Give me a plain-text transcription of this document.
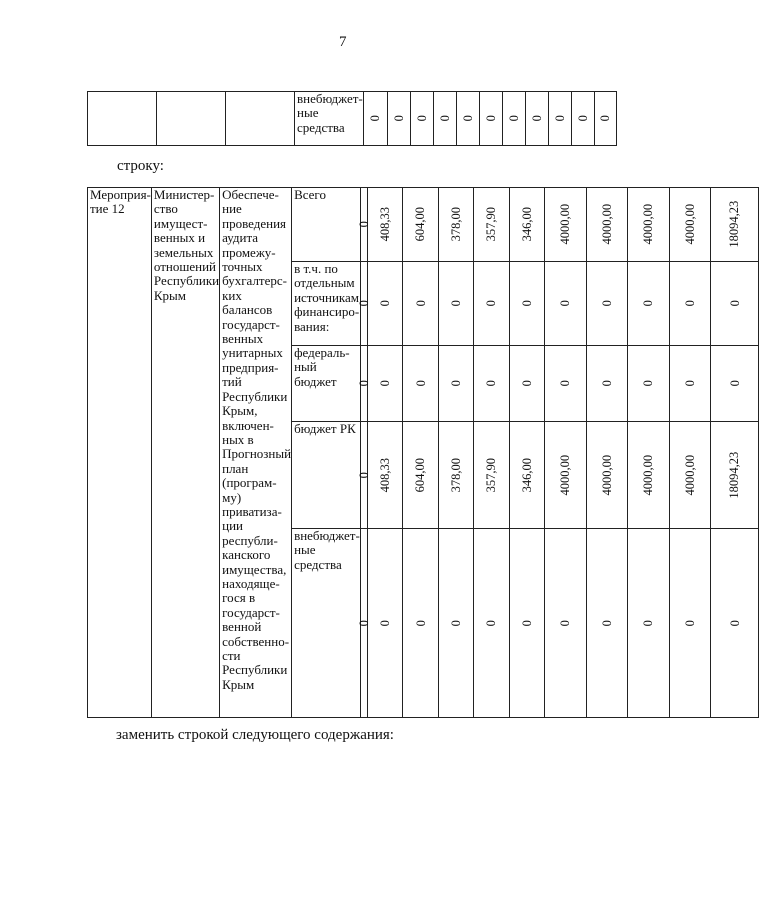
7
			внебюджет-ные средства	0	0	0	0	0	0	0	0	0	0	0
строку:
Мероприя-тие 12	Министер-ство имущест-венных и земельных отношений Республики Крым	Обеспече-ние проведения аудита промежу-точных бухгалтерс-ких балансов государст-венных унитарных предприя-тий Республики Крым, включен-ных в Прогнозный план (програм-му) приватиза-ции республи-канского имущества, находяще-гося в государст-венной собственно-сти Республики Крым	Всего	0	408,33	604,00	378,00	357,90	346,00	4000,00	4000,00	4000,00	4000,00	18094,23
			в т.ч. по отдельным источникам финансиро-вания:	0	0	0	0	0	0	0	0	0	0	0
			федераль-ный бюджет	0	0	0	0	0	0	0	0	0	0	0
			бюджет РК	0	408,33	604,00	378,00	357,90	346,00	4000,00	4000,00	4000,00	4000,00	18094,23
			внебюджет-ные средства	0	0	0	0	0	0	0	0	0	0	0
заменить строкой следующего содержания:
